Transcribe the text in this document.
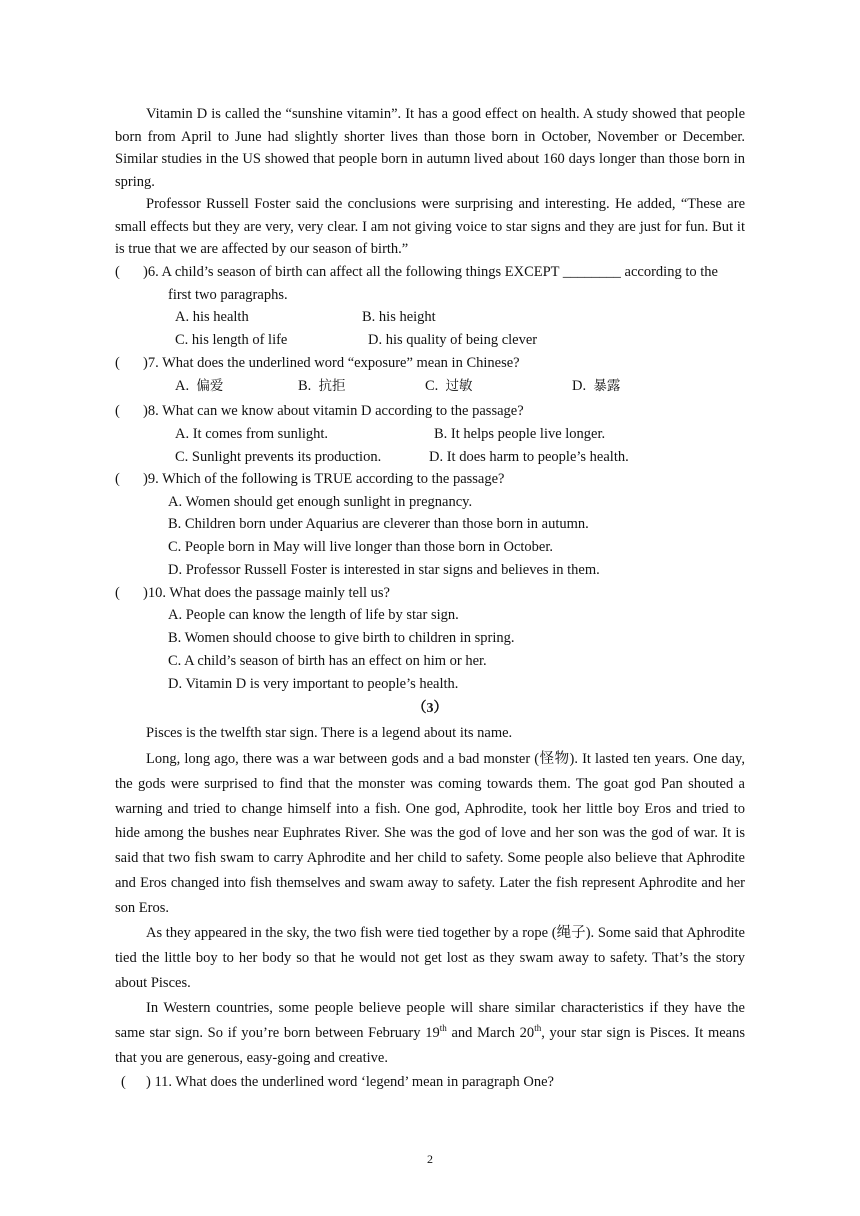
Vitamin D is called the “sunshine vitamin”. It has a good effect on health. A study showed that people born from April to June had slightly shorter lives than those born in October, November or December. Similar studies in the US showed that people born in autumn lived about 160 days longer than those born in spring.

Professor Russell Foster said the conclusions were surprising and interesting. He added, “These are small effects but they are very, very clear. I am not giving voice to star signs and they are just for fun. But it is true that we are affected by our season of birth.”

( )6. A child’s season of birth can affect all the following things EXCEPT ________ according to the
first two paragraphs.
A. his health	B. his height
C. his length of life	D. his quality of being clever
( )7. What does the underlined word “exposure” mean in Chinese?
A. 偏爱	B. 抗拒	C. 过敏	D. 暴露
( )8. What can we know about vitamin D according to the passage?
A. It comes from sunlight.	B. It helps people live longer.
C. Sunlight prevents its production.	D. It does harm to people’s health.
( )9. Which of the following is TRUE according to the passage?
A. Women should get enough sunlight in pregnancy.
B. Children born under Aquarius are cleverer than those born in autumn.
C. People born in May will live longer than those born in October.
D. Professor Russell Foster is interested in star signs and believes in them.
( )10. What does the passage mainly tell us?
A. People can know the length of life by star sign.
B. Women should choose to give birth to children in spring.
C. A child’s season of birth has an effect on him or her.
D. Vitamin D is very important to people’s health.
（3）

Pisces is the twelfth star sign. There is a legend about its name.

Long, long ago, there was a war between gods and a bad monster (怪物). It lasted ten years. One day, the gods were surprised to find that the monster was coming towards them. The goat god Pan shouted a warning and tried to change himself into a fish. One god, Aphrodite, took her little boy Eros and tried to hide among the bushes near Euphrates River. She was the god of love and her son was the god of war. It is said that two fish swam to carry Aphrodite and her child to safety. Some people also believe that Aphrodite and Eros changed into fish themselves and swam away to safety. Later the fish represent Aphrodite and her son Eros.

As they appeared in the sky, the two fish were tied together by a rope (绳子). Some said that Aphrodite tied the little boy to her body so that he would not get lost as they swam away to safety. That’s the story about Pisces.

In Western countries, some people believe people will share similar characteristics if they have the same star sign. So if you’re born between February 19th and March 20th, your star sign is Pisces. It means that you are generous, easy-going and creative.

( ) 11. What does the underlined word ‘legend’ mean in paragraph One?
2
